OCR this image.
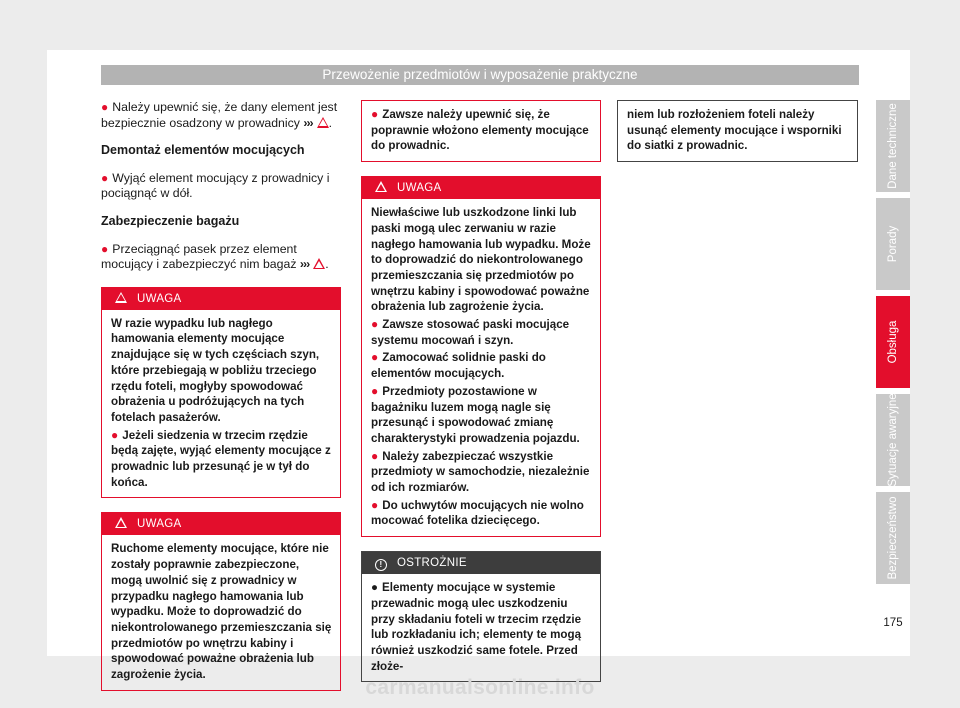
Przewożenie przedmiotów i wyposażenie praktyczne

● Należy upewnić się, że dany element jest bezpiecznie osadzony w prowadnicy ››› .

Demontaż elementów mocujących

● Wyjąć element mocujący z prowadnicy i pociągnąć w dół.

Zabezpieczenie bagażu

● Przeciągnąć pasek przez element mocujący i zabezpieczyć nim bagaż ››› .

UWAGA

W razie wypadku lub nagłego hamowania elementy mocujące znajdujące się w tych częściach szyn, które przebiegają w pobliżu trzeciego rzędu foteli, mogłyby spowodować obrażenia u podróżujących na tych fotelach pasażerów.

● Jeżeli siedzenia w trzecim rzędzie będą zajęte, wyjąć elementy mocujące z prowadnic lub przesunąć je w tył do końca.

UWAGA

Ruchome elementy mocujące, które nie zostały poprawnie zabezpieczone, mogą uwolnić się z prowadnicy w przypadku nagłego hamowania lub wypadku. Może to doprowadzić do niekontrolowanego przemieszczania się przedmiotów po wnętrzu kabiny i spowodować poważne obrażenia lub zagrożenie życia.

● Zawsze należy upewnić się, że poprawnie włożono elementy mocujące do prowadnic.

UWAGA

Niewłaściwe lub uszkodzone linki lub paski mogą ulec zerwaniu w razie nagłego hamowania lub wypadku. Może to doprowadzić do niekontrolowanego przemieszczania się przedmiotów po wnętrzu kabiny i spowodować poważne obrażenia lub zagrożenie życia.

● Zawsze stosować paski mocujące systemu mocowań i szyn.

● Zamocować solidnie paski do elementów mocujących.

● Przedmioty pozostawione w bagażniku luzem mogą nagle się przesunąć i spowodować zmianę charakterystyki prowadzenia pojazdu.

● Należy zabezpieczać wszystkie przedmioty w samochodzie, niezależnie od ich rozmiarów.

● Do uchwytów mocujących nie wolno mocować fotelika dziecięcego.

! OSTROŻNIE

● Elementy mocujące w systemie przewadnic mogą ulec uszkodzeniu przy składaniu foteli w trzecim rzędzie lub rozkładaniu ich; elementy te mogą również uszkodzić same fotele. Przed złoże-

niem lub rozłożeniem foteli należy usunąć elementy mocujące i wsporniki do siatki z prowadnic.	Dane techniczne
Porady
Obsługa
Sytuacje awaryjne
Bezpieczeństwo
175
carmanualsonline.info
